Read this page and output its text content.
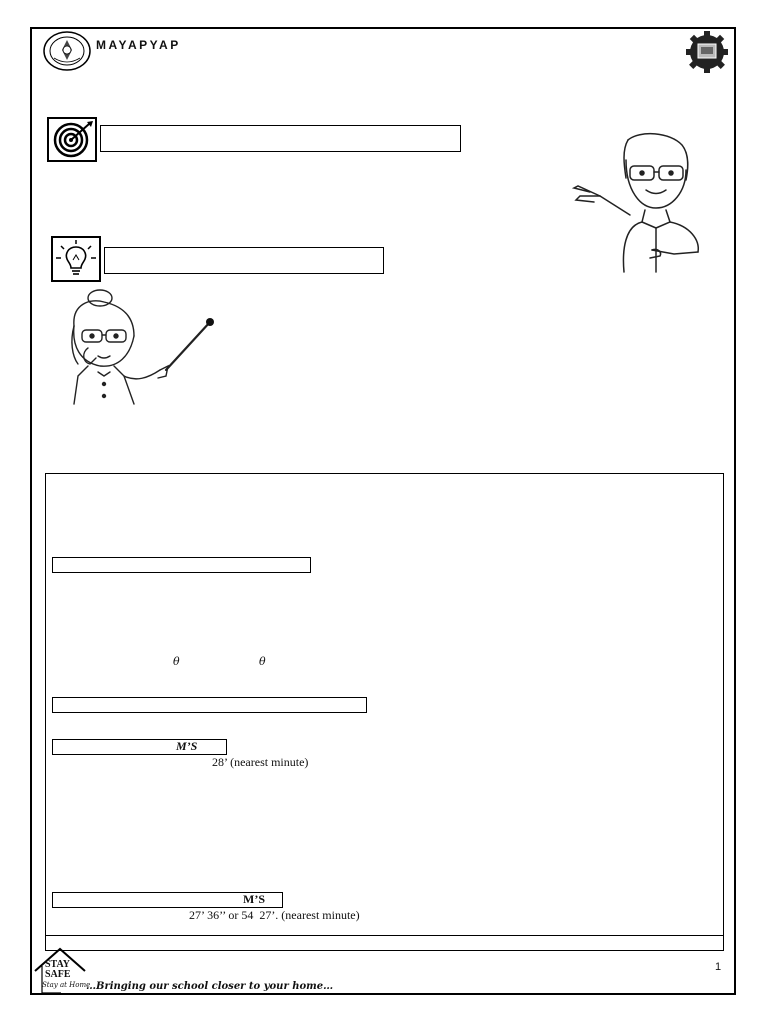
MAYAPYAP
θ	θ
M’S
28’ (nearest minute)
M’S
27’ 36’’ or 54  27’. (nearest minute)
STAY
SAFE
Stay at Home
…Bringing our school closer to your home…
1
